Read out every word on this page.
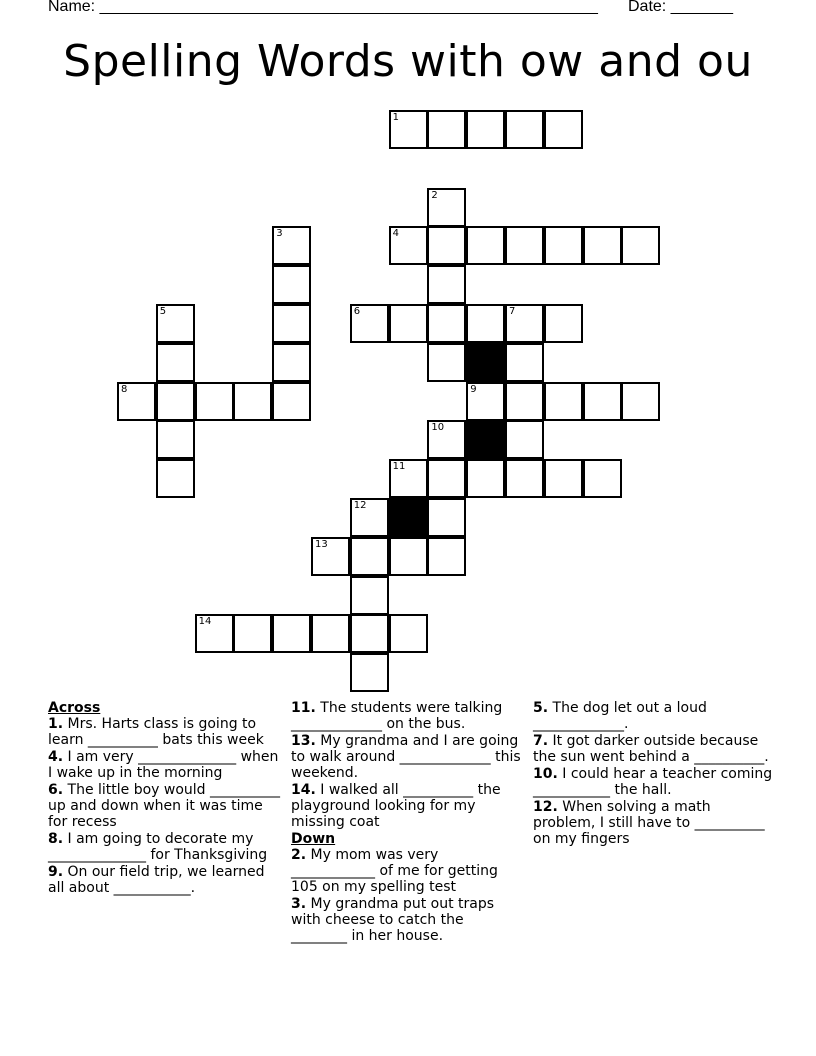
Name: ________________________________________________________ Date: _______
Spelling Words with ow and ou
1
2
3	4
5	6	7
8	9
10
11
12
13
14
Across
1. Mrs. Harts class is going to learn __________ bats this week
4. I am very ______________ when I wake up in the morning
6. The little boy would __________ up and down when it was time for recess
8. I am going to decorate my ______________ for Thanksgiving
9. On our field trip, we learned all about ___________.
11. The students were talking _____________ on the bus.
13. My grandma and I are going to walk around _____________ this weekend.
14. I walked all __________ the playground looking for my missing coat
Down
2. My mom was very ____________ of me for getting 105 on my spelling test
3. My grandma put out traps with cheese to catch the ________ in her house.
5. The dog let out a loud _____________.
7. It got darker outside because the sun went behind a __________.
10. I could hear a teacher coming ___________ the hall.
12. When solving a math problem, I still have to __________ on my fingers
